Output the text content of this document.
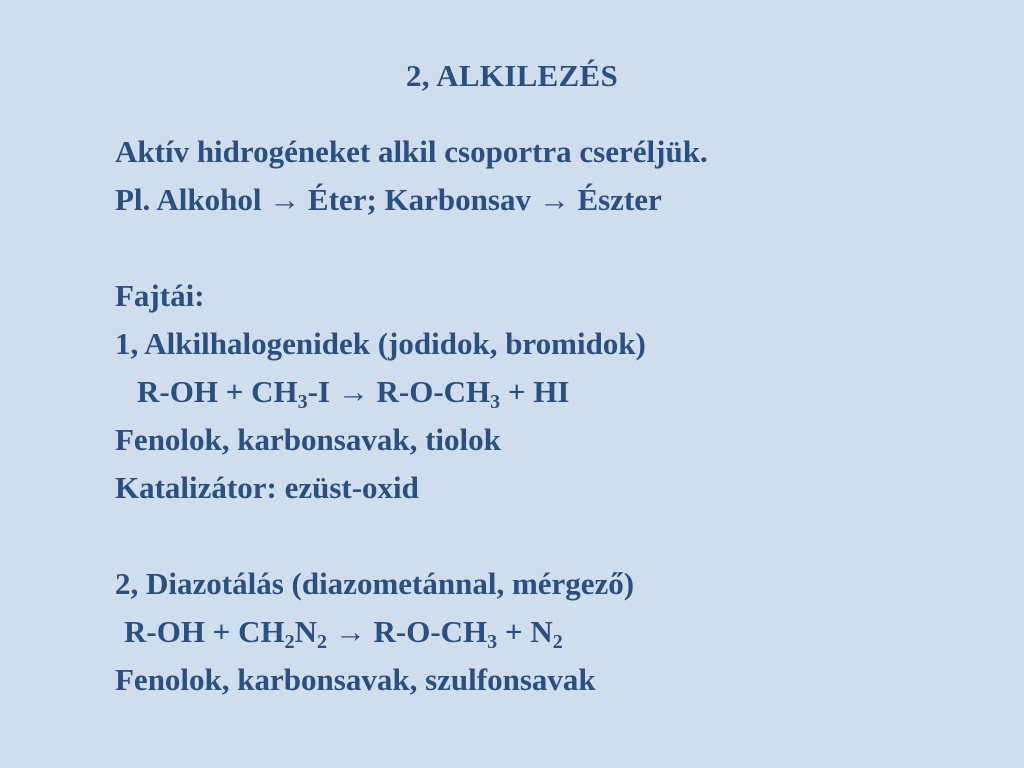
2, ALKILEZÉS
Aktív hidrogéneket alkil csoportra cseréljük.
Pl. Alkohol → Éter; Karbonsav → Észter
Fajtái:
1, Alkilhalogenidek (jodidok, bromidok)
$R-OH + CH_3-I \to R-O-CH_3$ + HI
Fenolok, karbonsavak, tiolok
Katalizátor: ezüst-oxid
2, Diazotálás (diazometánnal, mérgező)
$R-OH + CH_2N_2 \to R-O-CH_3 + N_2$
Fenolok, karbonsavak, szulfonsavak
